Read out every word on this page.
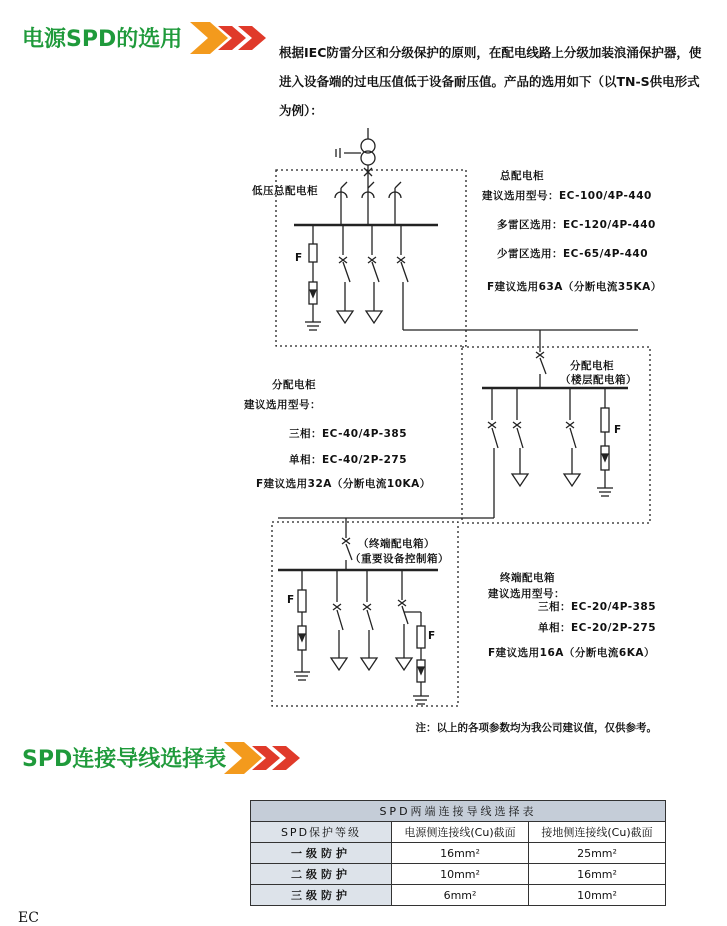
电源SPD的选用
根据IEC防雷分区和分级保护的原则，在配电线路上分级加装浪涌保护器，使进入设备端的过电压值低于设备耐压值。产品的选用如下（以TN-S供电形式为例）：
低压总配电柜
F
总配电柜
建议选用型号：EC-100/4P-440
多雷区选用：EC-120/4P-440
少雷区选用：EC-65/4P-440
F建议选用63A（分断电流35KA）
分配电柜
（楼层配电箱）
F
分配电柜
建议选用型号：
三相：EC-40/4P-385
单相：EC-40/2P-275
F建议选用32A（分断电流10KA）
（终端配电箱）
（重要设备控制箱）
F
F
终端配电箱
建议选用型号：
三相：EC-20/4P-385
单相：EC-20/2P-275
F建议选用16A（分断电流6KA）
注：以上的各项参数均为我公司建议值，仅供参考。
SPD连接导线选择表
SPD两端连接导线选择表		
SPD保护等级	电源侧连接线(Cu)截面	接地侧连接线(Cu)截面
一级防护	16mm²	25mm²
二级防护	10mm²	16mm²
三级防护	6mm²	10mm²
EC
